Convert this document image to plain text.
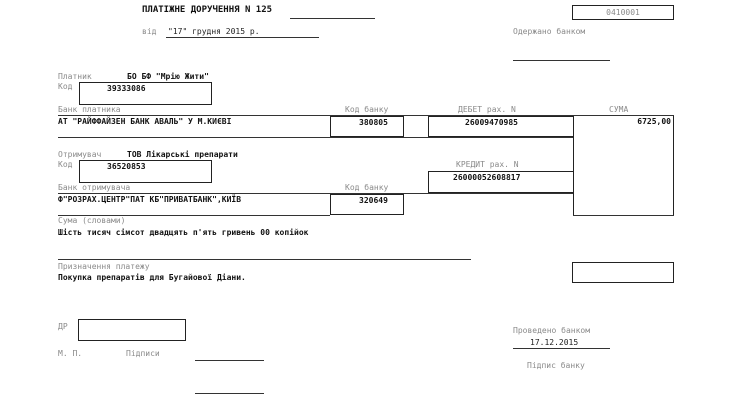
ПЛАТІЖНЕ ДОРУЧЕННЯ N 125	0410001
від "17" грудня 2015 р.	Одержано банком
Платник	БО БФ "Мрію Жити"
Код	39333086
Банк платника	Код банку	ДЕБЕТ рах. N	СУМА
АТ "РАЙФФАЙЗЕН БАНК АВАЛЬ" У М.КИЄВІ	380805	26009470985	6725,00
Отримувач	ТОВ Лікарські препарати
Код	36520853	КРЕДИТ рах. N
26000052608817
Банк отримувача	Код банку
Ф"РОЗРАХ.ЦЕНТР"ПАТ КБ"ПРИВАТБАНК",КИЇВ	320649
Сума (словами)
Шість тисяч сімсот двадцять п'ять гривень 00 копійок
Призначення платежу
Покупка препаратів для Бугайової Діани.
ДР	Проведено банком
17.12.2015
М. П.	Підписи
Підпис банку
